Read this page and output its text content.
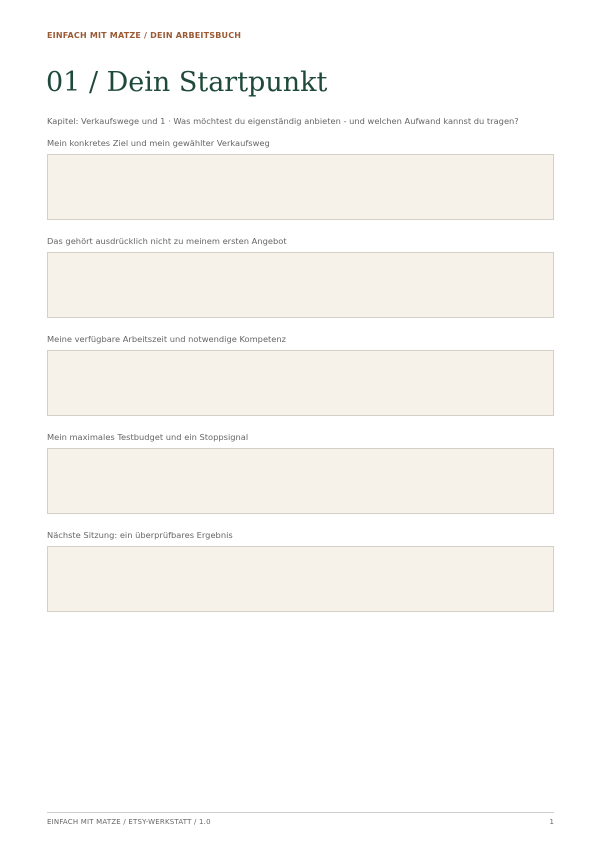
EINFACH MIT MATZE / DEIN ARBEITSBUCH
01 / Dein Startpunkt
Kapitel: Verkaufswege und 1 · Was möchtest du eigenständig anbieten - und welchen Aufwand kannst du tragen?
Mein konkretes Ziel und mein gewählter Verkaufsweg
Das gehört ausdrücklich nicht zu meinem ersten Angebot
Meine verfügbare Arbeitszeit und notwendige Kompetenz
Mein maximales Testbudget und ein Stoppsignal
Nächste Sitzung: ein überprüfbares Ergebnis
EINFACH MIT MATZE / ETSY-WERKSTATT / 1.0	1
